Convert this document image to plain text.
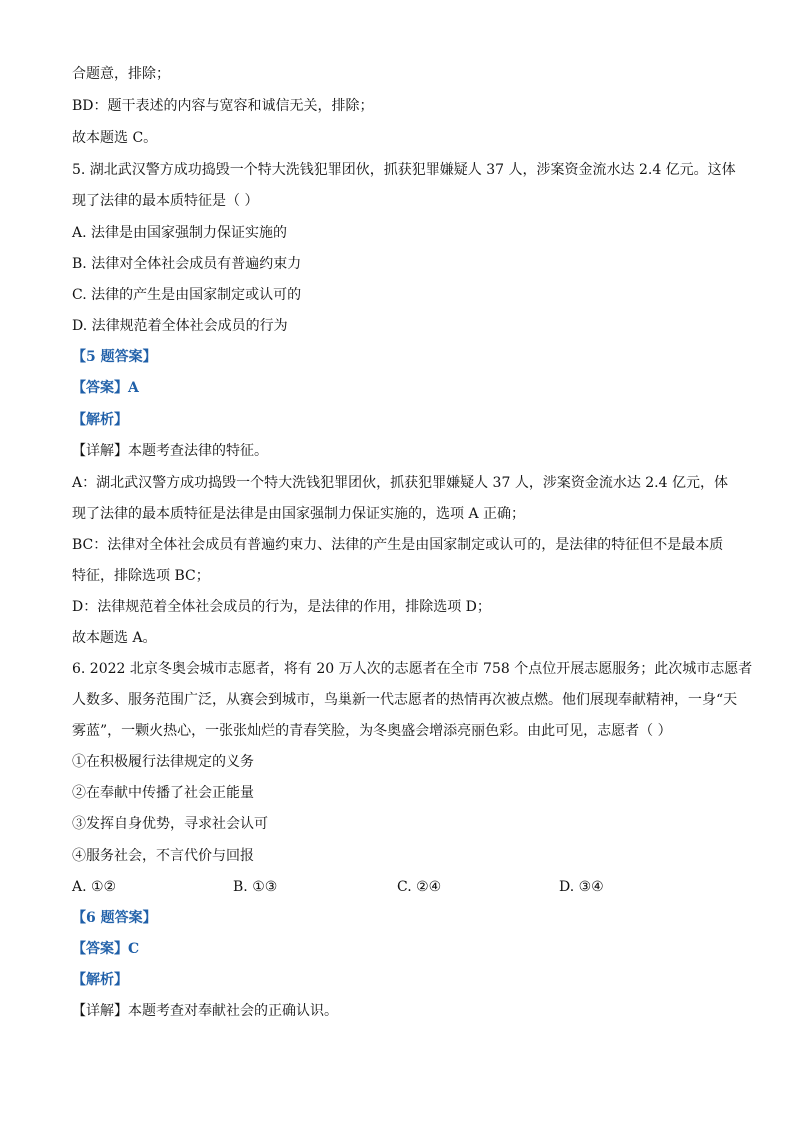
合题意，排除；
BD：题干表述的内容与宽容和诚信无关，排除；
故本题选 C。
5. 湖北武汉警方成功捣毁一个特大洗钱犯罪团伙，抓获犯罪嫌疑人 37 人，涉案资金流水达 2.4 亿元。这体
现了法律的最本质特征是（ ）
A. 法律是由国家强制力保证实施的
B. 法律对全体社会成员有普遍约束力
C. 法律的产生是由国家制定或认可的
D. 法律规范着全体社会成员的行为
【5 题答案】
【答案】A
【解析】
【详解】本题考查法律的特征。
A：湖北武汉警方成功捣毁一个特大洗钱犯罪团伙，抓获犯罪嫌疑人 37 人，涉案资金流水达 2.4 亿元，体
现了法律的最本质特征是法律是由国家强制力保证实施的，选项 A 正确；
BC：法律对全体社会成员有普遍约束力、法律的产生是由国家制定或认可的，是法律的特征但不是最本质
特征，排除选项 BC；
D：法律规范着全体社会成员的行为，是法律的作用，排除选项 D；
故本题选 A。
6. 2022 北京冬奥会城市志愿者，将有 20 万人次的志愿者在全市 758 个点位开展志愿服务；此次城市志愿者
人数多、服务范围广泛，从赛会到城市，鸟巢新一代志愿者的热情再次被点燃。他们展现奉献精神，一身“天
雾蓝”，一颗火热心，一张张灿烂的青春笑脸，为冬奥盛会增添亮丽色彩。由此可见，志愿者（ ）
①在积极履行法律规定的义务
②在奉献中传播了社会正能量
③发挥自身优势，寻求社会认可
④服务社会，不言代价与回报
A. ①②	B. ①③	C. ②④	D. ③④
【6 题答案】
【答案】C
【解析】
【详解】本题考查对奉献社会的正确认识。
